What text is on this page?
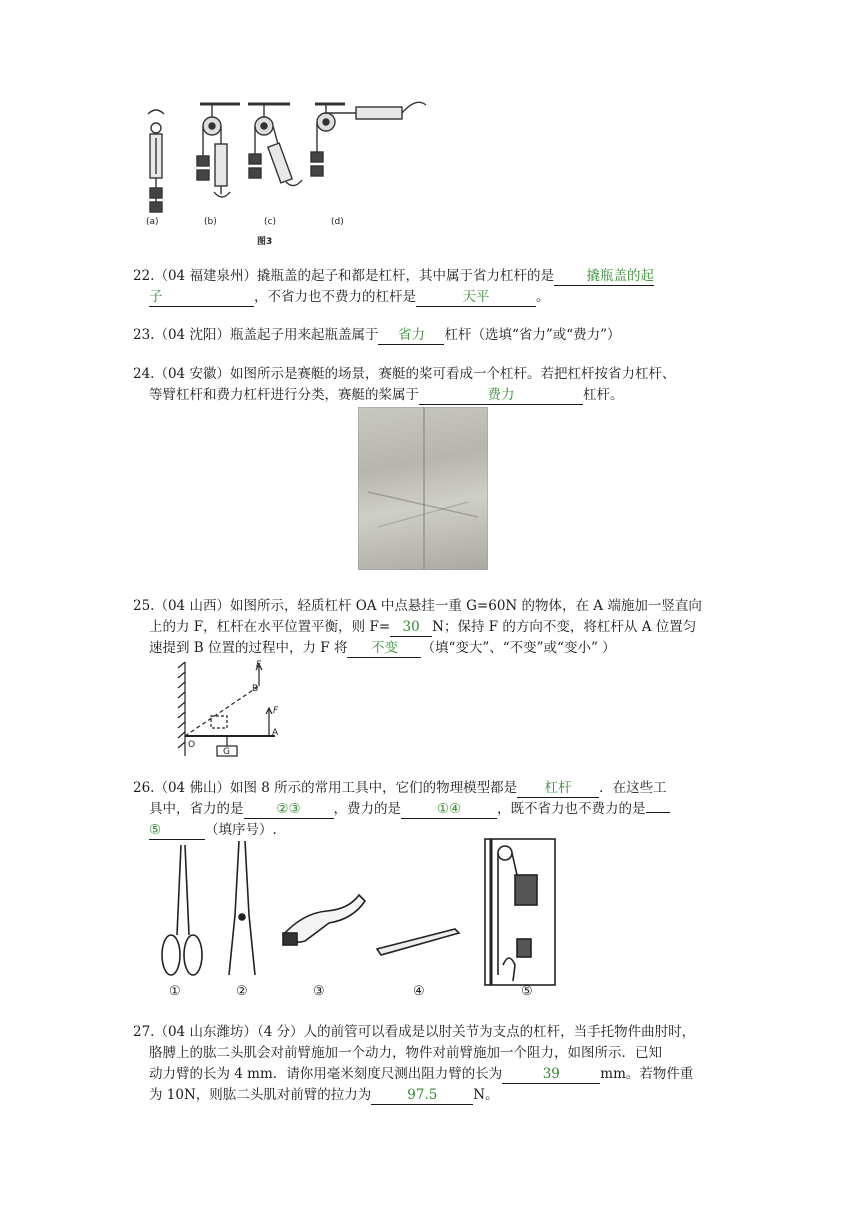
(a)	(b)	(c)	(d)
图3

22.（04 福建泉州）撬瓶盖的起子和都是杠杆，其中属于省力杠杆的是 撬瓶盖的起

子	，不省力也不费力的杠杆是	天平	。

23.（04 沈阳）瓶盖起子用来起瓶盖属于 省力 杠杆（选填“省力”或“费力”）

24.（04 安徽）如图所示是赛艇的场景，赛艇的桨可看成一个杠杆。若把杠杆按省力杠杆、

等臂杠杆和费力杠杆进行分类，赛艇的桨属于	费力	杠杆。

25.（04 山西）如图所示，轻质杠杆 OA 中点悬挂一重 G=60N 的物体，在 A 端施加一竖直向

上的力 F，杠杆在水平位置平衡，则 F= 30 N；保持 F 的方向不变，将杠杆从 A 位置匀

速提到 B 位置的过程中，力 F 将 不变 （填“变大”、“不变”或“变小” ）

F
B
F
A
O
G

26.（04 佛山）如图 8 所示的常用工具中，它们的物理模型都是 杠杆 ．在这些工

具中，省力的是 ②③ ，费力的是	①④	，既不省力也不费力的是

⑤	（填序号）.

①	②	③	④	⑤

27.（04 山东潍坊）（4 分）人的前管可以看成是以肘关节为支点的杠杆，当手托物件曲肘时，

胳膊上的肱二头肌会对前臂施加一个动力，物件对前臂施加一个阻力，如图所示．已知

动力臂的长为 4 mm．请你用毫米刻度尺测出阻力臂的长为	39	mm。若物件重

为 10N，则肱二头肌对前臂的拉力为	97.5	N。
